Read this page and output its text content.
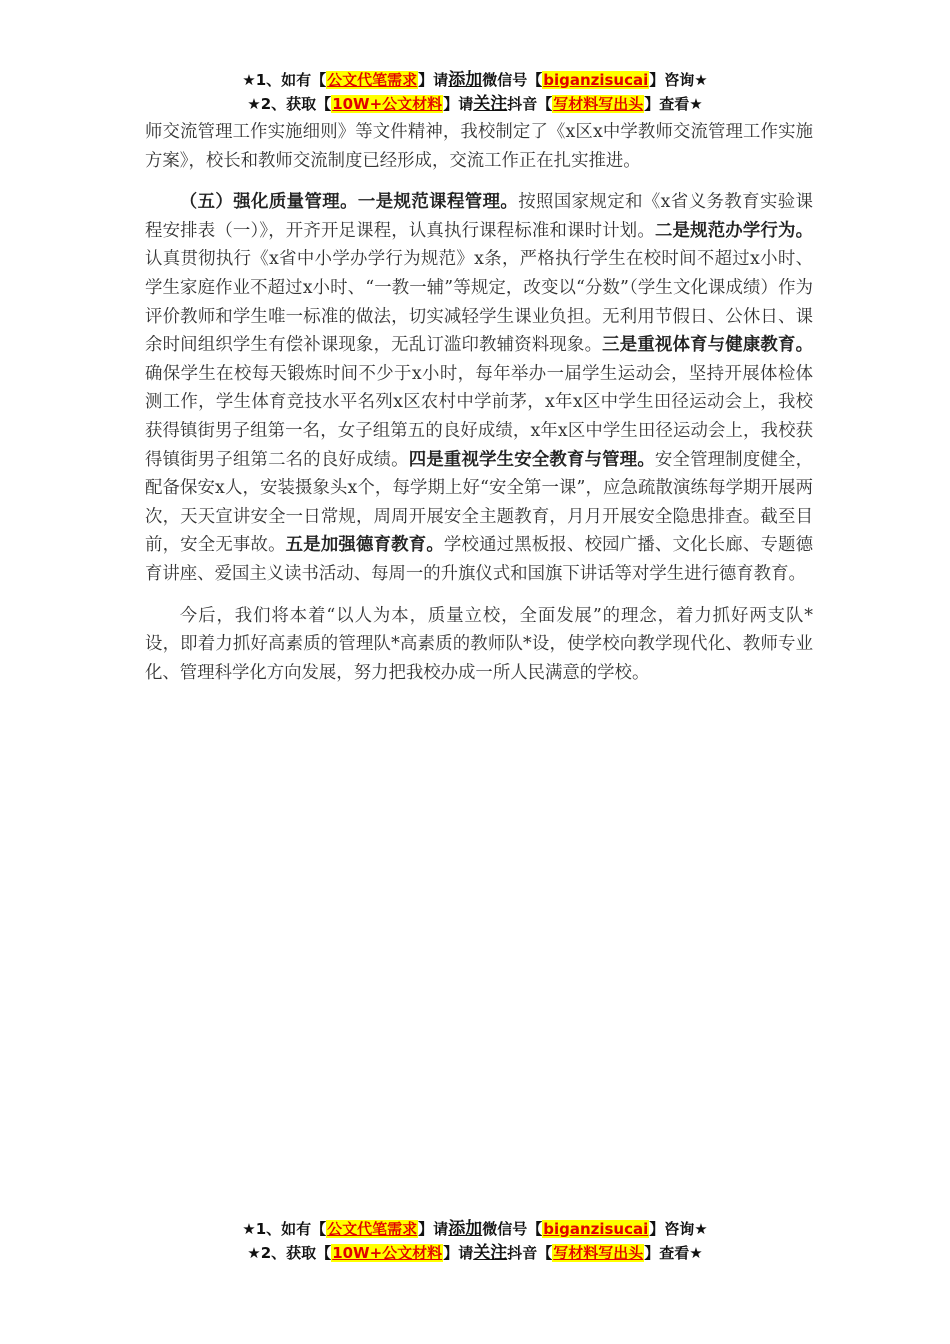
★1、如有【公文代笔需求】请添加微信号【biganzisucai】咨询★
★2、获取【10W+公文材料】请关注抖音【写材料写出头】查看★

师交流管理工作实施细则》等文件精神，我校制定了《x区x中学教师交流管理工作实施方案》，校长和教师交流制度已经形成，交流工作正在扎实推进。

（五）强化质量管理。一是规范课程管理。按照国家规定和《x省义务教育实验课程安排表（一）》，开齐开足课程，认真执行课程标准和课时计划。二是规范办学行为。认真贯彻执行《x省中小学办学行为规范》x条，严格执行学生在校时间不超过x小时、学生家庭作业不超过x小时、“一教一辅”等规定，改变以“分数”（学生文化课成绩）作为评价教师和学生唯一标准的做法，切实减轻学生课业负担。无利用节假日、公休日、课余时间组织学生有偿补课现象，无乱订滥印教辅资料现象。三是重视体育与健康教育。确保学生在校每天锻炼时间不少于x小时，每年举办一届学生运动会，坚持开展体检体测工作，学生体育竞技水平名列x区农村中学前茅，x年x区中学生田径运动会上，我校获得镇街男子组第一名，女子组第五的良好成绩，x年x区中学生田径运动会上，我校获得镇街男子组第二名的良好成绩。四是重视学生安全教育与管理。安全管理制度健全，配备保安x人，安装摄象头x个，每学期上好“安全第一课”，应急疏散演练每学期开展两次，天天宣讲安全一日常规，周周开展安全主题教育，月月开展安全隐患排查。截至目前，安全无事故。五是加强德育教育。学校通过黑板报、校园广播、文化长廊、专题德育讲座、爱国主义读书活动、每周一的升旗仪式和国旗下讲话等对学生进行德育教育。

今后，我们将本着“以人为本，质量立校，全面发展”的理念，着力抓好两支队*设，即着力抓好高素质的管理队*高素质的教师队*设，使学校向教学现代化、教师专业化、管理科学化方向发展，努力把我校办成一所人民满意的学校。

★1、如有【公文代笔需求】请添加微信号【biganzisucai】咨询★
★2、获取【10W+公文材料】请关注抖音【写材料写出头】查看★
